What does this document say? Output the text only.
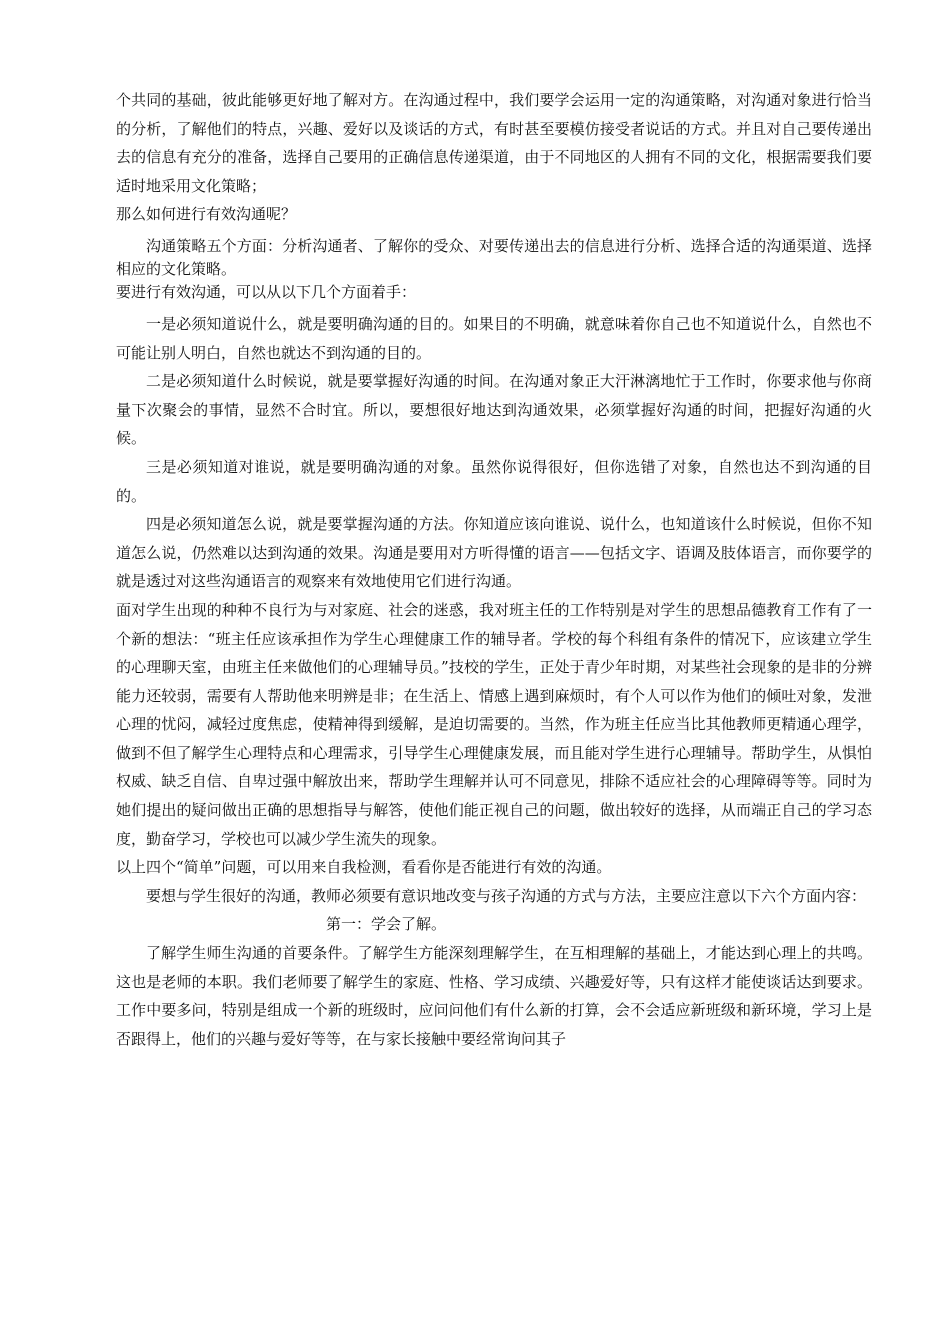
个共同的基础，彼此能够更好地了解对方。在沟通过程中，我们要学会运用一定的沟通策略，对沟通对象进行恰当的分析，了解他们的特点，兴趣、爱好以及谈话的方式，有时甚至要模仿接受者说话的方式。并且对自己要传递出去的信息有充分的准备，选择自己要用的正确信息传递渠道，由于不同地区的人拥有不同的文化，根据需要我们要适时地采用文化策略；

那么如何进行有效沟通呢？

沟通策略五个方面：分析沟通者、了解你的受众、对要传递出去的信息进行分析、选择合适的沟通渠道、选择相应的文化策略。

要进行有效沟通，可以从以下几个方面着手：

一是必须知道说什么，就是要明确沟通的目的。如果目的不明确，就意味着你自己也不知道说什么，自然也不可能让别人明白，自然也就达不到沟通的目的。

二是必须知道什么时候说，就是要掌握好沟通的时间。在沟通对象正大汗淋漓地忙于工作时，你要求他与你商量下次聚会的事情，显然不合时宜。所以，要想很好地达到沟通效果，必须掌握好沟通的时间，把握好沟通的火候。

三是必须知道对谁说，就是要明确沟通的对象。虽然你说得很好，但你选错了对象，自然也达不到沟通的目的。

四是必须知道怎么说，就是要掌握沟通的方法。你知道应该向谁说、说什么，也知道该什么时候说，但你不知道怎么说，仍然难以达到沟通的效果。沟通是要用对方听得懂的语言——包括文字、语调及肢体语言，而你要学的就是透过对这些沟通语言的观察来有效地使用它们进行沟通。

面对学生出现的种种不良行为与对家庭、社会的迷惑，我对班主任的工作特别是对学生的思想品德教育工作有了一个新的想法：“班主任应该承担作为学生心理健康工作的辅导者。学校的每个科组有条件的情况下，应该建立学生的心理聊天室，由班主任来做他们的心理辅导员。”技校的学生，正处于青少年时期，对某些社会现象的是非的分辨能力还较弱，需要有人帮助他来明辨是非；在生活上、情感上遇到麻烦时，有个人可以作为他们的倾吐对象，发泄心理的忧闷，减轻过度焦虑，使精神得到缓解，是迫切需要的。当然，作为班主任应当比其他教师更精通心理学，做到不但了解学生心理特点和心理需求，引导学生心理健康发展，而且能对学生进行心理辅导。帮助学生，从惧怕权威、缺乏自信、自卑过强中解放出来，帮助学生理解并认可不同意见，排除不适应社会的心理障碍等等。同时为她们提出的疑问做出正确的思想指导与解答，使他们能正视自己的问题，做出较好的选择，从而端正自己的学习态度，勤奋学习，学校也可以减少学生流失的现象。

以上四个“简单”问题，可以用来自我检测，看看你是否能进行有效的沟通。

要想与学生很好的沟通，教师必须要有意识地改变与孩子沟通的方式与方法，主要应注意以下六个方面内容：

第一：学会了解。

了解学生师生沟通的首要条件。了解学生方能深刻理解学生，在互相理解的基础上，才能达到心理上的共鸣。这也是老师的本职。我们老师要了解学生的家庭、性格、学习成绩、兴趣爱好等，只有这样才能使谈话达到要求。工作中要多问，特别是组成一个新的班级时，应问问他们有什么新的打算，会不会适应新班级和新环境，学习上是否跟得上，他们的兴趣与爱好等等，在与家长接触中要经常询问其子
